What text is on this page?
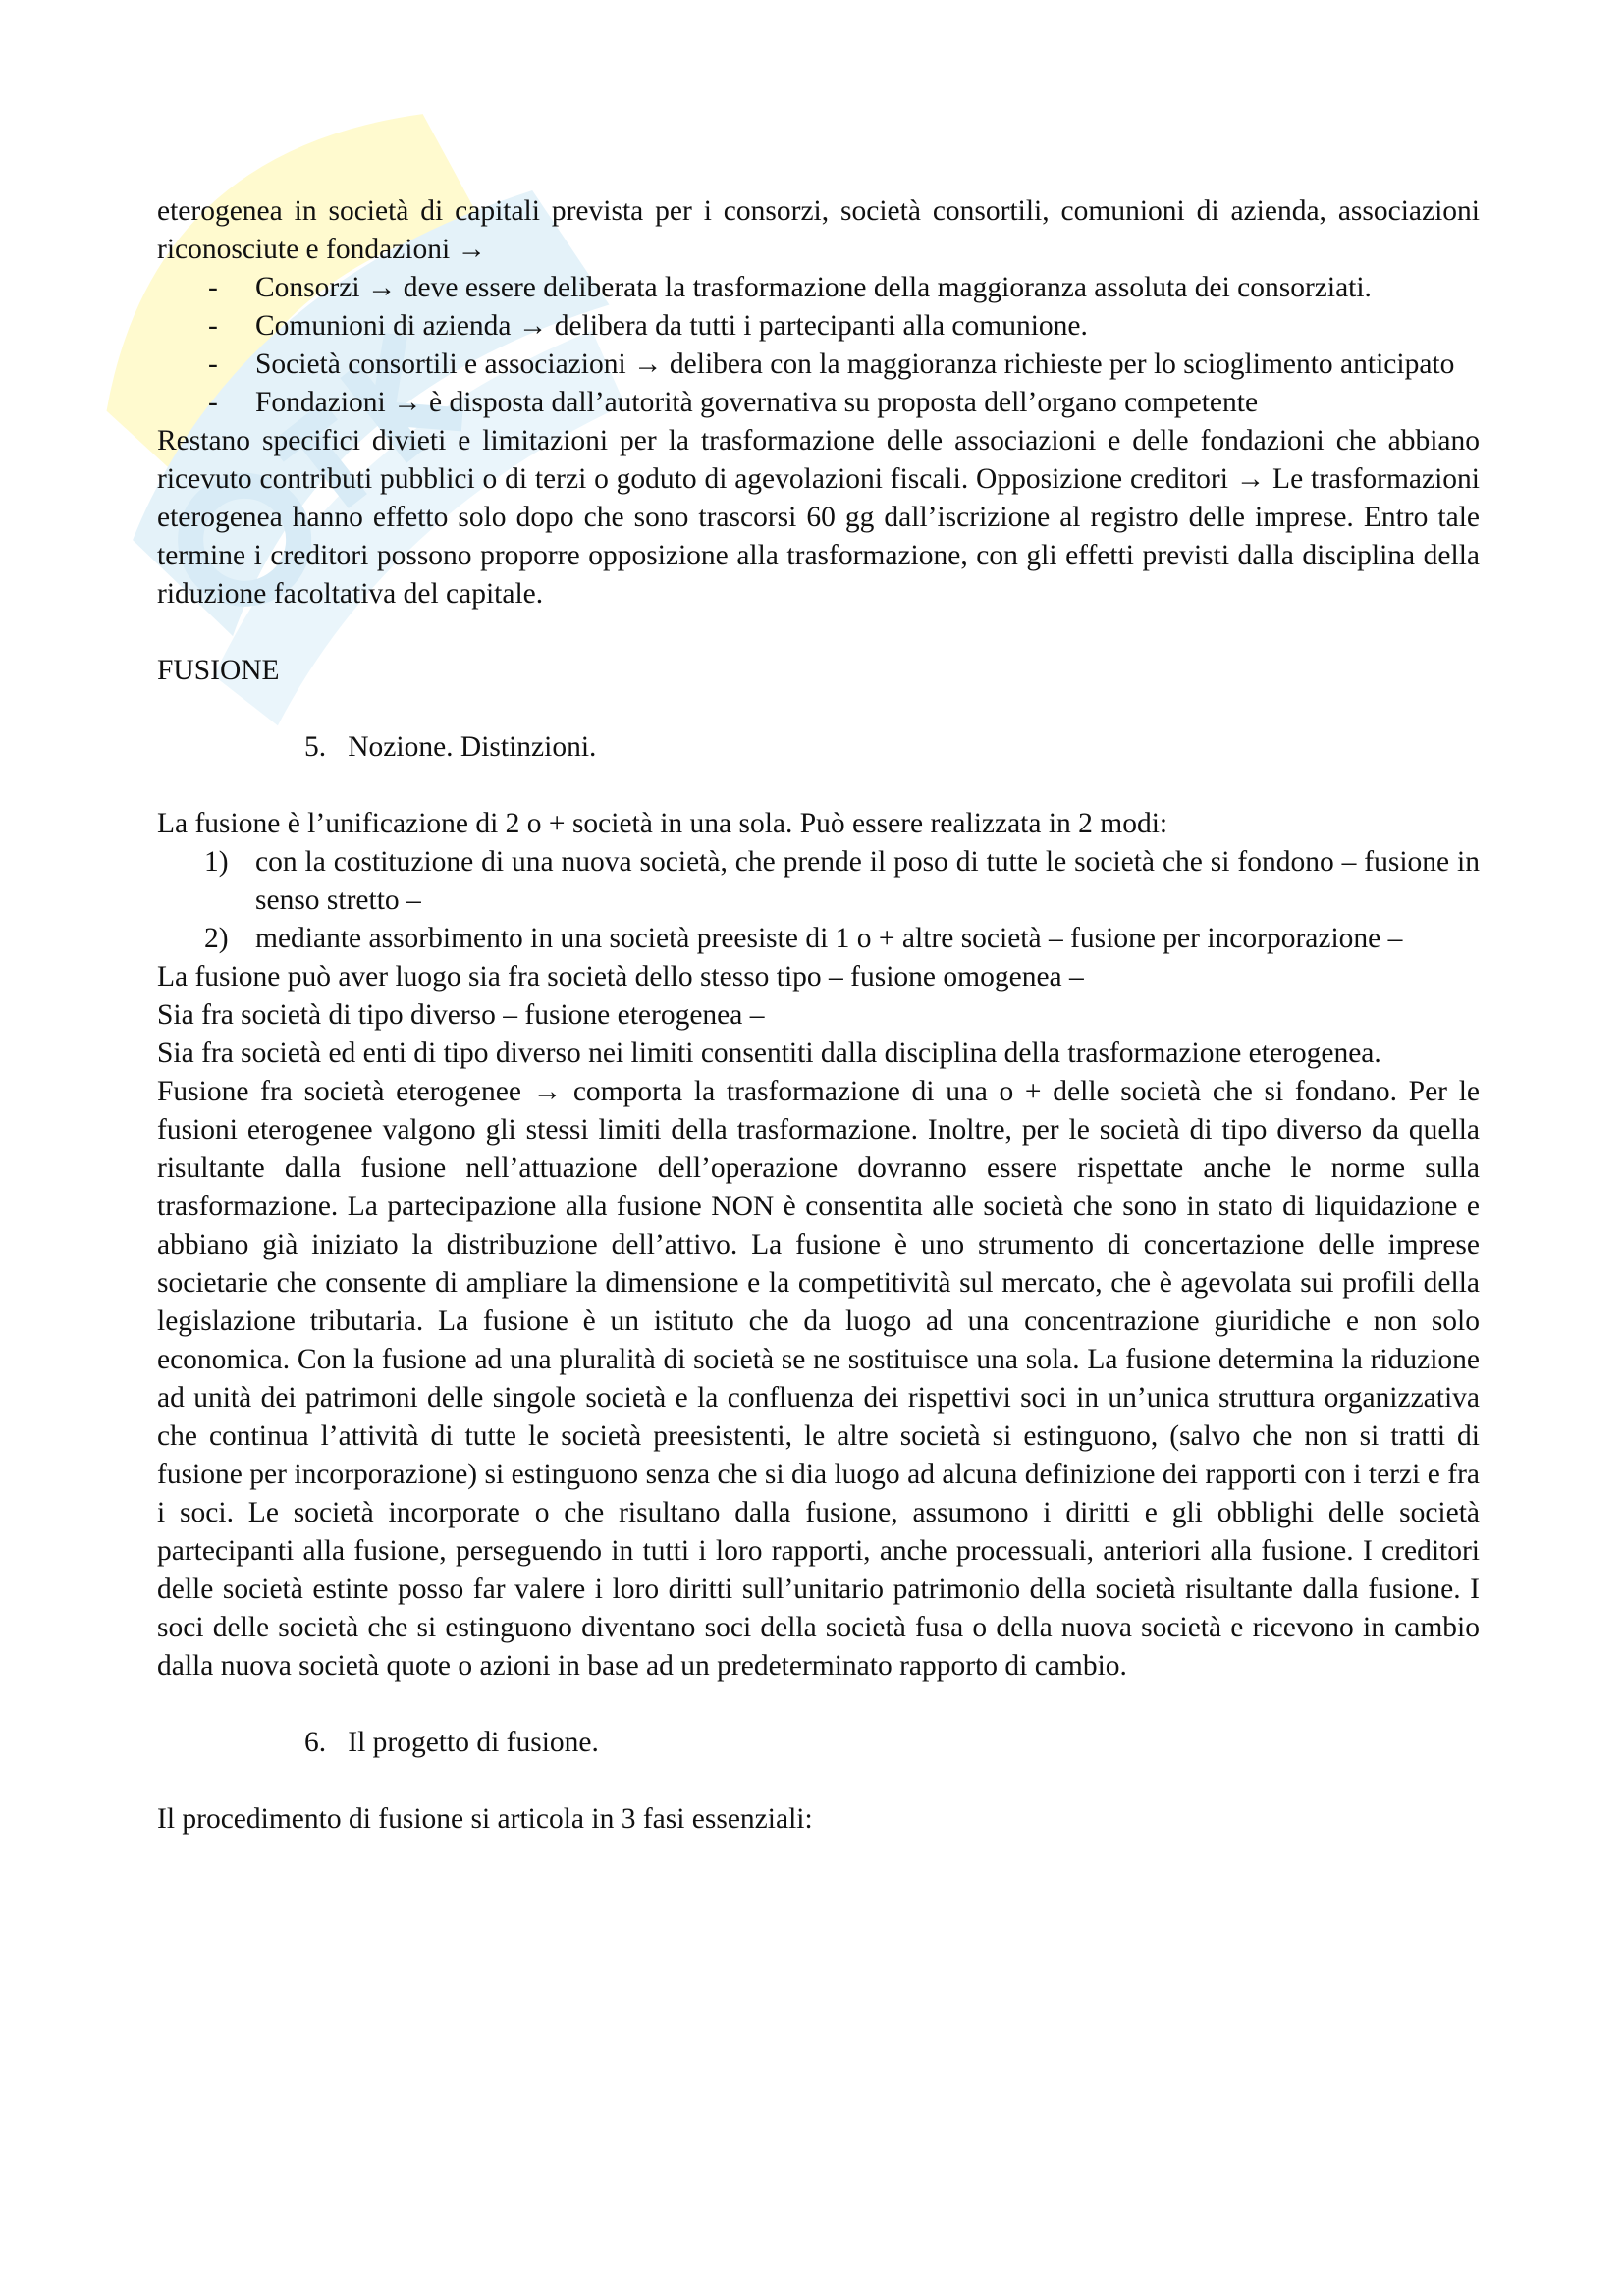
eterogenea in società di capitali prevista per i consorzi, società consortili, comunioni di azienda, associazioni riconosciute e fondazioni →

- Consorzi → deve essere deliberata la trasformazione della maggioranza assoluta dei consorziati.
- Comunioni di azienda → delibera da tutti i partecipanti alla comunione.
- Società consortili e associazioni → delibera con la maggioranza richieste per lo scioglimento anticipato
- Fondazioni → è disposta dall’autorità governativa su proposta dell’organo competente

Restano specifici divieti e limitazioni per la trasformazione delle associazioni e delle fondazioni che abbiano ricevuto contributi pubblici o di terzi o goduto di agevolazioni fiscali. Opposizione creditori → Le trasformazioni eterogenea hanno effetto solo dopo che sono trascorsi 60 gg dall’iscrizione al registro delle imprese. Entro tale termine i creditori possono proporre opposizione alla trasformazione, con gli effetti previsti dalla disciplina della riduzione facoltativa del capitale.

FUSIONE

5. Nozione. Distinzioni.

La fusione è l’unificazione di 2 o + società in una sola. Può essere realizzata in 2 modi:

1) con la costituzione di una nuova società, che prende il poso di tutte le società che si fondono – fusione in senso stretto –
2) mediante assorbimento in una società preesiste di 1 o + altre società – fusione per incorporazione –

La fusione può aver luogo sia fra società dello stesso tipo – fusione omogenea –

Sia fra società di tipo diverso – fusione eterogenea –

Sia fra società ed enti di tipo diverso nei limiti consentiti dalla disciplina della trasformazione eterogenea.

Fusione fra società eterogenee → comporta la trasformazione di una o + delle società che si fondano. Per le fusioni eterogenee valgono gli stessi limiti della trasformazione. Inoltre, per le società di tipo diverso da quella risultante dalla fusione nell’attuazione dell’operazione dovranno essere rispettate anche le norme sulla trasformazione. La partecipazione alla fusione NON è consentita alle società che sono in stato di liquidazione e abbiano già iniziato la distribuzione dell’attivo. La fusione è uno strumento di concertazione delle imprese societarie che consente di ampliare la dimensione e la competitività sul mercato, che è agevolata sui profili della legislazione tributaria. La fusione è un istituto che da luogo ad una concentrazione giuridiche e non solo economica. Con la fusione ad una pluralità di società se ne sostituisce una sola. La fusione determina la riduzione ad unità dei patrimoni delle singole società e la confluenza dei rispettivi soci in un’unica struttura organizzativa che continua l’attività di tutte le società preesistenti, le altre società si estinguono, (salvo che non si tratti di fusione per incorporazione) si estinguono senza che si dia luogo ad alcuna definizione dei rapporti con i terzi e fra i soci. Le società incorporate o che risultano dalla fusione, assumono i diritti e gli obblighi delle società partecipanti alla fusione, perseguendo in tutti i loro rapporti, anche processuali, anteriori alla fusione. I creditori delle società estinte posso far valere i loro diritti sull’unitario patrimonio della società risultante dalla fusione. I soci delle società che si estinguono diventano soci della società fusa o della nuova società e ricevono in cambio dalla nuova società quote o azioni in base ad un predeterminato rapporto di cambio.

6. Il progetto di fusione.

Il procedimento di fusione si articola in 3 fasi essenziali:
